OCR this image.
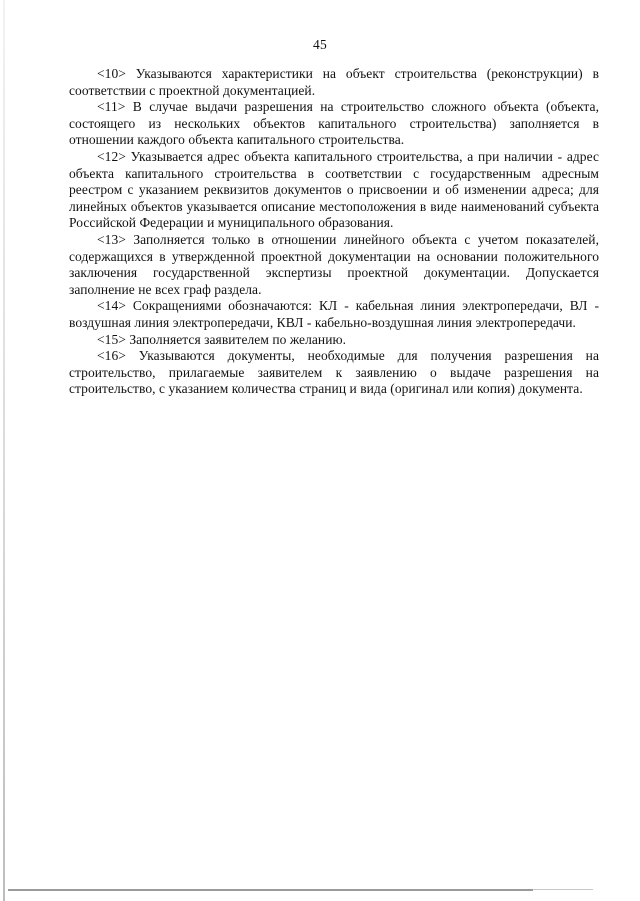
45

<10> Указываются характеристики на объект строительства (реконструкции) в соответствии с проектной документацией.

<11> В случае выдачи разрешения на строительство сложного объекта (объекта, состоящего из нескольких объектов капитального строительства) заполняется в отношении каждого объекта капитального строительства.

<12> Указывается адрес объекта капитального строительства, а при наличии - адрес объекта капитального строительства в соответствии с государственным адресным реестром с указанием реквизитов документов о присвоении и об изменении адреса; для линейных объектов указывается описание местоположения в виде наименований субъекта Российской Федерации и муниципального образования.

<13> Заполняется только в отношении линейного объекта с учетом показателей, содержащихся в утвержденной проектной документации на основании положительного заключения государственной экспертизы проектной документации. Допускается заполнение не всех граф раздела.

<14> Сокращениями обозначаются: КЛ - кабельная линия электропередачи, ВЛ - воздушная линия электропередачи, КВЛ - кабельно-воздушная линия электропередачи.

<15> Заполняется заявителем по желанию.

<16> Указываются документы, необходимые для получения разрешения на строительство, прилагаемые заявителем к заявлению о выдаче разрешения на строительство, с указанием количества страниц и вида (оригинал или копия) документа.
